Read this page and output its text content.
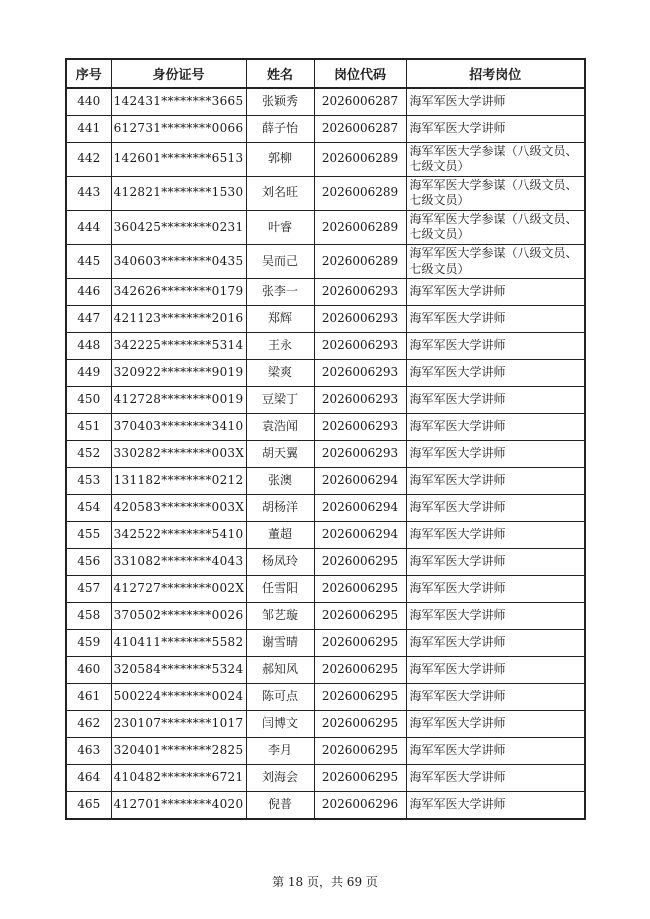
序号	身份证号	姓名	岗位代码	招考岗位
440	142431********3665	张颖秀	2026006287	海军军医大学讲师
441	612731********0066	薛子怡	2026006287	海军军医大学讲师
442	142601********6513	郭柳	2026006289	海军军医大学参谋（八级文员、七级文员）
443	412821********1530	刘名旺	2026006289	海军军医大学参谋（八级文员、七级文员）
444	360425********0231	叶睿	2026006289	海军军医大学参谋（八级文员、七级文员）
445	340603********0435	吴而己	2026006289	海军军医大学参谋（八级文员、七级文员）
446	342626********0179	张李一	2026006293	海军军医大学讲师
447	421123********2016	郑辉	2026006293	海军军医大学讲师
448	342225********5314	王永	2026006293	海军军医大学讲师
449	320922********9019	梁爽	2026006293	海军军医大学讲师
450	412728********0019	豆梁丁	2026006293	海军军医大学讲师
451	370403********3410	袁浩闻	2026006293	海军军医大学讲师
452	330282********003X	胡天翼	2026006293	海军军医大学讲师
453	131182********0212	张澳	2026006294	海军军医大学讲师
454	420583********003X	胡杨洋	2026006294	海军军医大学讲师
455	342522********5410	董超	2026006294	海军军医大学讲师
456	331082********4043	杨凤玲	2026006295	海军军医大学讲师
457	412727********002X	任雪阳	2026006295	海军军医大学讲师
458	370502********0026	邹艺璇	2026006295	海军军医大学讲师
459	410411********5582	谢雪晴	2026006295	海军军医大学讲师
460	320584********5324	郝知风	2026006295	海军军医大学讲师
461	500224********0024	陈可点	2026006295	海军军医大学讲师
462	230107********1017	闫博文	2026006295	海军军医大学讲师
463	320401********2825	李月	2026006295	海军军医大学讲师
464	410482********6721	刘海会	2026006295	海军军医大学讲师
465	412701********4020	倪普	2026006296	海军军医大学讲师
第 18 页，共 69 页
